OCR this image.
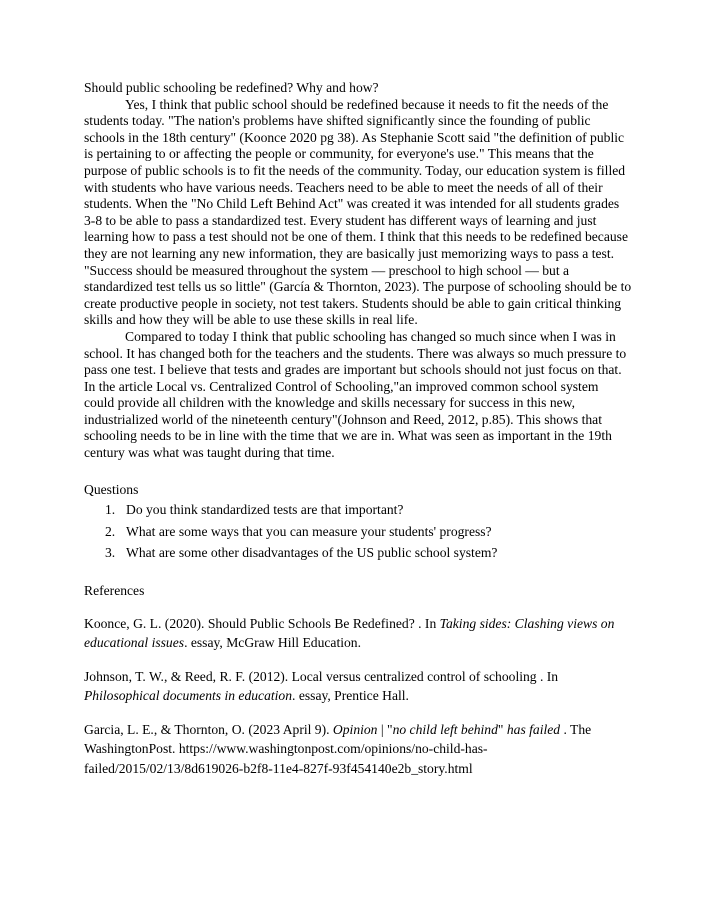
Should public schooling be redefined? Why and how?

Yes, I think that public school should be redefined because it needs to fit the needs of the students today. "The nation's problems have shifted significantly since the founding of public schools in the 18th century" (Koonce 2020 pg 38). As Stephanie Scott said "the definition of public is pertaining to or affecting the people or community, for everyone's use." This means that the purpose of public schools is to fit the needs of the community. Today, our education system is filled with students who have various needs. Teachers need to be able to meet the needs of all of their students. When the "No Child Left Behind Act" was created it was intended for all students grades 3-8 to be able to pass a standardized test. Every student has different ways of learning and just learning how to pass a test should not be one of them. I think that this needs to be redefined because they are not learning any new information, they are basically just memorizing ways to pass a test. "Success should be measured throughout the system — preschool to high school — but a standardized test tells us so little" (García & Thornton, 2023). The purpose of schooling should be to create productive people in society, not test takers. Students should be able to gain critical thinking skills and how they will be able to use these skills in real life.

Compared to today I think that public schooling has changed so much since when I was in school. It has changed both for the teachers and the students. There was always so much pressure to pass one test. I believe that tests and grades are important but schools should not just focus on that. In the article Local vs. Centralized Control of Schooling,"an improved common school system could provide all children with the knowledge and skills necessary for success in this new, industrialized world of the nineteenth century"(Johnson and Reed, 2012, p.85). This shows that schooling needs to be in line with the time that we are in. What was seen as important in the 19th century was what was taught during that time.

Questions

1. Do you think standardized tests are that important?
2. What are some ways that you can measure your students' progress?
3. What are some other disadvantages of the US public school system?

References

Koonce, G. L. (2020). Should Public Schools Be Redefined? . In Taking sides: Clashing views on educational issues. essay, McGraw Hill Education.

Johnson, T. W., & Reed, R. F. (2012). Local versus centralized control of schooling . In Philosophical documents in education. essay, Prentice Hall.

Garcia, L. E., & Thornton, O. (2023 April 9). Opinion | "no child left behind" has failed . The WashingtonPost. https://www.washingtonpost.com/opinions/no-child-has-failed/2015/02/13/8d619026-b2f8-11e4-827f-93f454140e2b_story.html
